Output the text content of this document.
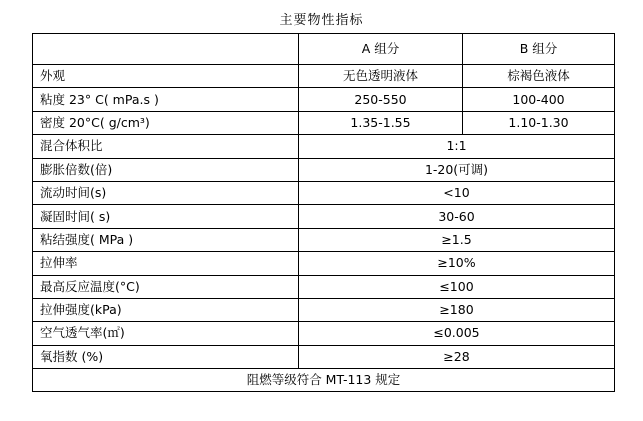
主要物性指标
	A 组分	B 组分
外观	无色透明液体	棕褐色液体
粘度 23° C( mPa.s )	250-550	100-400
密度 20°C( g/cm³)	1.35-1.55	1.10-1.30
混合体积比	1:1	
膨胀倍数(倍)	1-20(可调)	
流动时间(s)	<10	
凝固时间( s)	30-60	
粘结强度( MPa )	≥1.5	
拉伸率	≥10%	
最高反应温度(°C)	≤100	
拉伸强度(kPa)	≥180	
空气透气率(㎡)	≤0.005	
氧指数 (%)	≥28	
阻燃等级符合 MT-113 规定		
